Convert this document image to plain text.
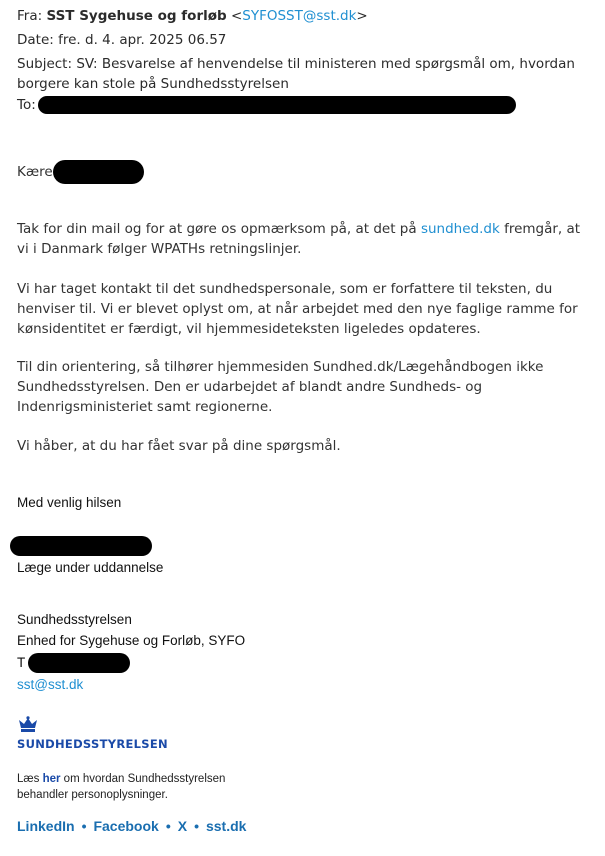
Fra: SST Sygehuse og forløb <SYFOSST@sst.dk>
Date: fre. d. 4. apr. 2025 06.57
Subject: SV: Besvarelse af henvendelse til ministeren med spørgsmål om, hvordan
borgere kan stole på Sundhedsstyrelsen
To:
Kære
Tak for din mail og for at gøre os opmærksom på, at det på sundhed.dk fremgår, at vi i Danmark følger WPATHs retningslinjer.
Vi har taget kontakt til det sundhedspersonale, som er forfattere til teksten, du henviser til. Vi er blevet oplyst om, at når arbejdet med den nye faglige ramme for kønsidentitet er færdigt, vil hjemmesideteksten ligeledes opdateres.
Til din orientering, så tilhører hjemmesiden Sundhed.dk/Lægehåndbogen ikke Sundhedsstyrelsen. Den er udarbejdet af blandt andre Sundheds- og Indenrigsministeriet samt regionerne.
Vi håber, at du har fået svar på dine spørgsmål.
Med venlig hilsen
Læge under uddannelse
Sundhedsstyrelsen
Enhed for Sygehuse og Forløb, SYFO
T
sst@sst.dk
SUNDHEDSSTYRELSEN
Læs her om hvordan Sundhedsstyrelsen
behandler personoplysninger.
LinkedIn • Facebook • X • sst.dk
